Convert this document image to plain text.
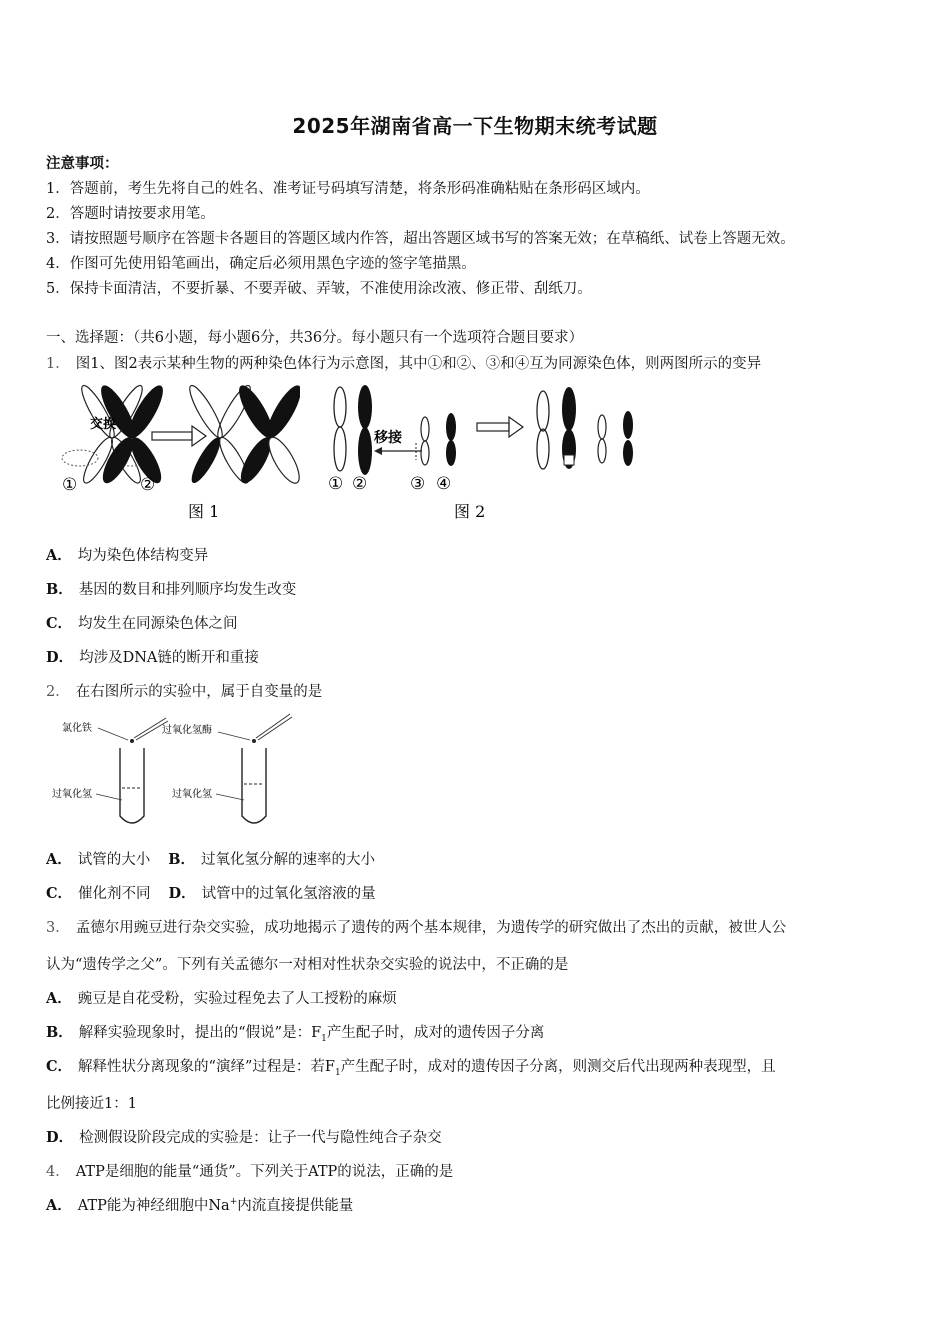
2025年湖南省高一下生物期末统考试题
注意事项：
1．答题前，考生先将自己的姓名、准考证号码填写清楚，将条形码准确粘贴在条形码区域内。
2．答题时请按要求用笔。
3．请按照题号顺序在答题卡各题目的答题区域内作答，超出答题区域书写的答案无效；在草稿纸、试卷上答题无效。
4．作图可先使用铅笔画出，确定后必须用黑色字迹的签字笔描黑。
5．保持卡面清洁，不要折暴、不要弄破、弄皱，不准使用涂改液、修正带、刮纸刀。
一、选择题：（共6小题，每小题6分，共36分。每小题只有一个选项符合题目要求）
1． 图1、图2表示某种生物的两种染色体行为示意图，其中①和②、③和④互为同源染色体，则两图所示的变异
交换
①	②
图 1
移接
① ②	③ ④
图 2
A． 均为染色体结构变异
B． 基因的数目和排列顺序均发生改变
C． 均发生在同源染色体之间
D． 均涉及DNA链的断开和重接
2． 在右图所示的实验中，属于自变量的是
氯化铁
过氧化氢
过氧化氢酶
过氧化氢
A． 试管的大小 B． 过氧化氢分解的速率的大小
C． 催化剂不同 D． 试管中的过氧化氢溶液的量
3． 孟德尔用豌豆进行杂交实验，成功地揭示了遗传的两个基本规律，为遗传学的研究做出了杰出的贡献，被世人公
认为“遗传学之父”。下列有关孟德尔一对相对性状杂交实验的说法中，不正确的是
A． 豌豆是自花受粉，实验过程免去了人工授粉的麻烦
B． 解释实验现象时，提出的“假说”是：$F_1$产生配子时，成对的遗传因子分离
C． 解释性状分离现象的“演绎”过程是：若$F_1$产生配子时，成对的遗传因子分离，则测交后代出现两种表现型，且
比例接近1：1
D． 检测假设阶段完成的实验是：让子一代与隐性纯合子杂交
4． ATP是细胞的能量“通货”。下列关于ATP的说法，正确的是
A． ATP能为神经细胞中Na+内流直接提供能量
